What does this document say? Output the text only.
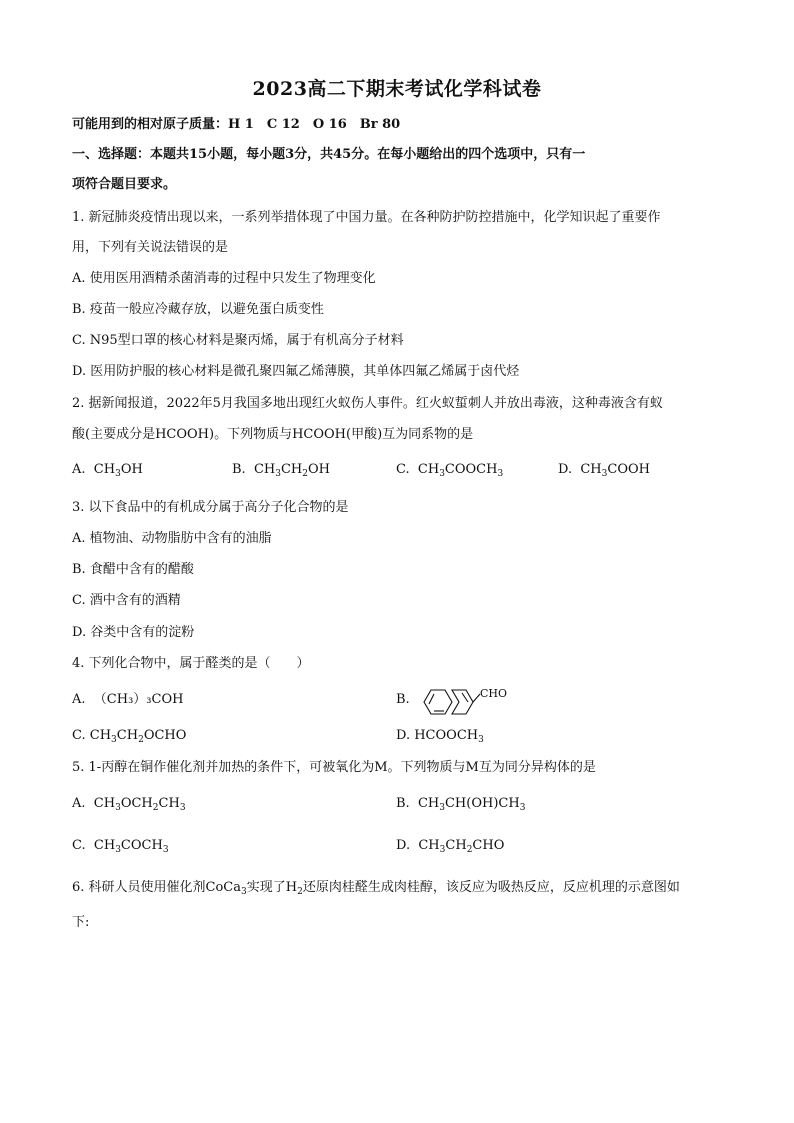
2023高二下期末考试化学科试卷
可能用到的相对原子质量：H 1　C 12　O 16　Br 80
一、选择题：本题共15小题，每小题3分，共45分。在每小题给出的四个选项中，只有一
项符合题目要求。
1. 新冠肺炎疫情出现以来，一系列举措体现了中国力量。在各种防护防控措施中，化学知识起了重要作
用，下列有关说法错误的是
A. 使用医用酒精杀菌消毒的过程中只发生了物理变化
B. 疫苗一般应冷藏存放，以避免蛋白质变性
C. N95型口罩的核心材料是聚丙烯，属于有机高分子材料
D. 医用防护服的核心材料是微孔聚四氟乙烯薄膜，其单体四氟乙烯属于卤代烃
2. 据新闻报道，2022年5月我国多地出现红火蚁伤人事件。红火蚁蜇刺人并放出毒液，这种毒液含有蚁
酸(主要成分是HCOOH)。下列物质与HCOOH(甲酸)互为同系物的是
A. $CH_3OH$	B. $CH_3CH_2OH$	C. $CH_3COOCH_3$	D. $CH_3COOH$
3. 以下食品中的有机成分属于高分子化合物的是
A. 植物油、动物脂肪中含有的油脂
B. 食醋中含有的醋酸
C. 酒中含有的酒精
D. 谷类中含有的淀粉
4. 下列化合物中，属于醛类的是（　　）
A. （CH₃）₃COH	B.	CHO
C. $CH_3CH_2OCHO$	D. $HCOOCH_3$
5. 1-丙醇在铜作催化剂并加热的条件下，可被氧化为M。下列物质与M互为同分异构体的是
A. $CH_3OCH_2CH_3$	B. $CH_3CH(OH)CH_3$
C. $CH_3COCH_3$	D. $CH_3CH_2CHO$
6. 科研人员使用催化剂CoCa$_3$实现了$H_2$还原肉桂醛生成肉桂醇，该反应为吸热反应，反应机理的示意图如
下:
